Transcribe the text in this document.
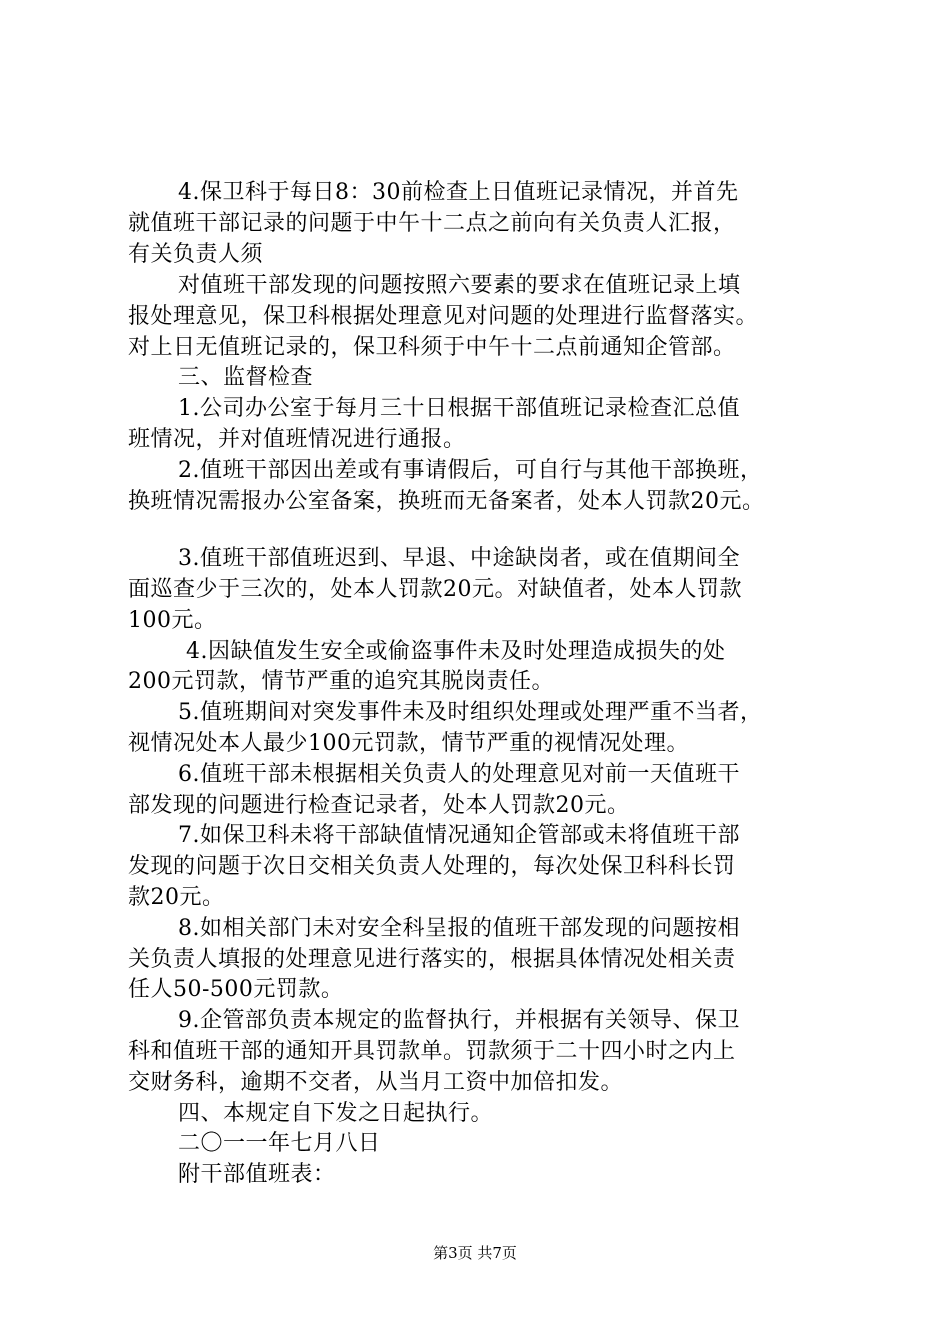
4.保卫科于每日8：30前检查上日值班记录情况，并首先
就值班干部记录的问题于中午十二点之前向有关负责人汇报，
有关负责人须
对值班干部发现的问题按照六要素的要求在值班记录上填
报处理意见，保卫科根据处理意见对问题的处理进行监督落实。
对上日无值班记录的，保卫科须于中午十二点前通知企管部。
三、监督检查
1.公司办公室于每月三十日根据干部值班记录检查汇总值
班情况，并对值班情况进行通报。
2.值班干部因出差或有事请假后，可自行与其他干部换班，
换班情况需报办公室备案，换班而无备案者，处本人罚款20元。
3.值班干部值班迟到、早退、中途缺岗者，或在值期间全
面巡查少于三次的，处本人罚款20元。对缺值者，处本人罚款
100元。
4.因缺值发生安全或偷盗事件未及时处理造成损失的处
200元罚款，情节严重的追究其脱岗责任。
5.值班期间对突发事件未及时组织处理或处理严重不当者，
视情况处本人最少100元罚款，情节严重的视情况处理。
6.值班干部未根据相关负责人的处理意见对前一天值班干
部发现的问题进行检查记录者，处本人罚款20元。
7.如保卫科未将干部缺值情况通知企管部或未将值班干部
发现的问题于次日交相关负责人处理的，每次处保卫科科长罚
款20元。
8.如相关部门未对安全科呈报的值班干部发现的问题按相
关负责人填报的处理意见进行落实的，根据具体情况处相关责
任人50-500元罚款。
9.企管部负责本规定的监督执行，并根据有关领导、保卫
科和值班干部的通知开具罚款单。罚款须于二十四小时之内上
交财务科，逾期不交者，从当月工资中加倍扣发。
四、本规定自下发之日起执行。
二〇一一年七月八日
附干部值班表：
第3页 共7页
